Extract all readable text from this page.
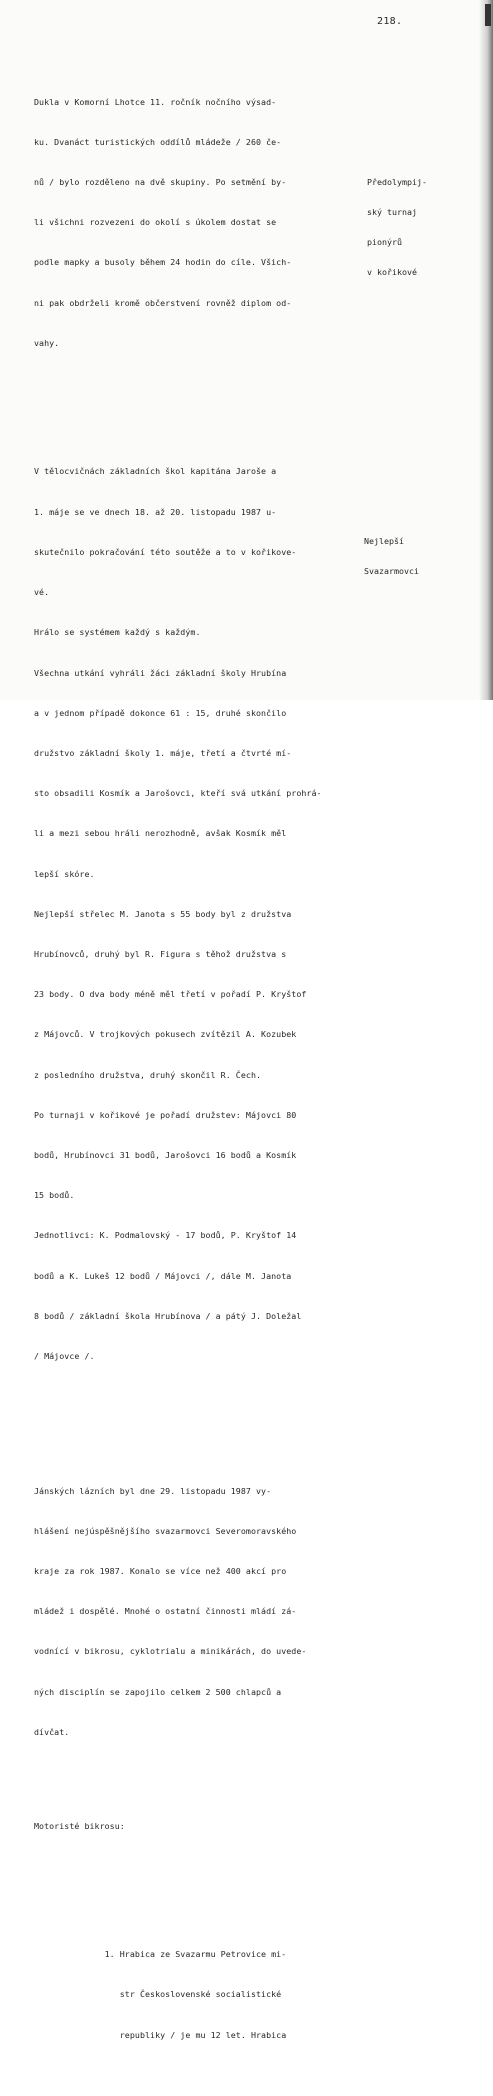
218.

Dukla v Komorní Lhotce 11. ročník nočního výsad-

ku. Dvanáct turistických oddílů mládeže / 260 če-

nů / bylo rozděleno na dvě skupiny. Po setmění by-

li všichni rozvezeni do okolí s úkolem dostat se

podle mapky a busoly během 24 hodin do cíle. Všich-

ni pak obdrželi kromě občerstvení rovněž diplom od-

vahy.

V tělocvičnách základních škol kapitána Jaroše a

1. máje se ve dnech 18. až 20. listopadu 1987 u-

skutečnilo pokračování této soutěže a to v kořikove-

vé.

Hrálo se systémem každý s každým.

Všechna utkání vyhráli žáci základní školy Hrubína

a v jednom případě dokonce 61 : 15, druhé skončilo

družstvo základní školy 1. máje, třetí a čtvrté mí-

sto obsadili Kosmík a Jarošovci, kteří svá utkání prohrá-

li a mezi sebou hráli nerozhodně, avšak Kosmík měl

lepší skóre.

Nejlepší střelec M. Janota s 55 body byl z družstva

Hrubínovců, druhý byl R. Figura s těhož družstva s

23 body. O dva body méně měl třetí v pořadí P. Kryštof

z Májovců. V trojkových pokusech zvítězil A. Kozubek

z posledního družstva, druhý skončil R. Čech.

Po turnaji v kořikové je pořadí družstev: Májovci 80

bodů, Hrubínovci 31 bodů, Jarošovci 16 bodů a Kosmík

15 bodů.

Jednotlivci: K. Podmalovský - 17 bodů, P. Kryštof 14

bodů a K. Lukeš 12 bodů / Májovci /, dále M. Janota

8 bodů / základní škola Hrubínova / a pátý J. Doležal

/ Májovce /.

Jánských lázních byl dne 29. listopadu 1987 vy-

hlášení nejúspěšnějšího svazarmovci Severomoravského

kraje za rok 1987. Konalo se více než 400 akcí pro

mládež i dospělé. Mnohé o ostatní činnosti mládí zá-

vodnící v bikrosu, cyklotrialu a minikárách, do uvede-

ných disciplín se zapojilo celkem 2 500 chlapců a

dívčat.

Motoristé bikrosu:

1. Hrabica ze Svazarmu Petrovice mi-

str Československé socialistické

republiky / je mu 12 let. Hrabica

Předolympij-

ský turnaj

pionýrů

v kořikové

Nejlepší

Svazarmovci
